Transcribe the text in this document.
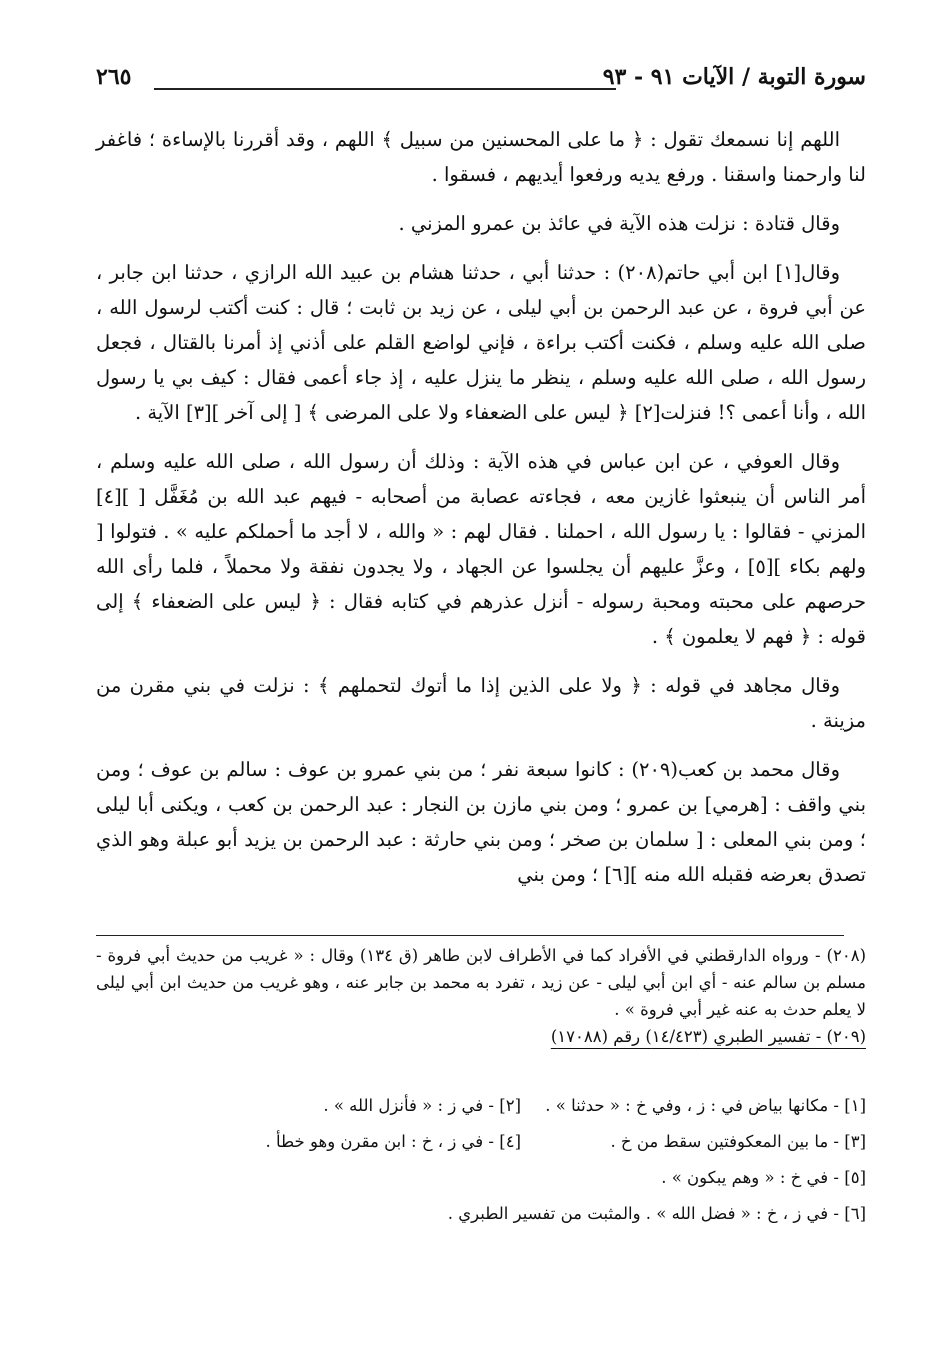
سورة التوبة / الآيات ٩١ - ٩٣
٢٦٥

اللهم إنا نسمعك تقول : ﴿ ما على المحسنين من سبيل ﴾ اللهم ، وقد أقررنا بالإساءة ؛ فاغفر لنا وارحمنا واسقنا . ورفع يديه ورفعوا أيديهم ، فسقوا .

وقال قتادة : نزلت هذه الآية في عائذ بن عمرو المزني .

وقال[١] ابن أبي حاتم(٢٠٨) : حدثنا أبي ، حدثنا هشام بن عبيد الله الرازي ، حدثنا ابن جابر ، عن أبي فروة ، عن عبد الرحمن بن أبي ليلى ، عن زيد بن ثابت ؛ قال : كنت أكتب لرسول الله ، صلى الله عليه وسلم ، فكنت أكتب براءة ، فإني لواضع القلم على أذني إذ أمرنا بالقتال ، فجعل رسول الله ، صلى الله عليه وسلم ، ينظر ما ينزل عليه ، إذ جاء أعمى فقال : كيف بي يا رسول الله ، وأنا أعمى ؟! فنزلت[٢] ﴿ ليس على الضعفاء ولا على المرضى ﴾ [ إلى آخر ][٣] الآية .

وقال العوفي ، عن ابن عباس في هذه الآية : وذلك أن رسول الله ، صلى الله عليه وسلم ، أمر الناس أن ينبعثوا غازين معه ، فجاءته عصابة من أصحابه - فيهم عبد الله بن مُغَفَّل [ ][٤] المزني - فقالوا : يا رسول الله ، احملنا . فقال لهم : « والله ، لا أجد ما أحملكم عليه » . فتولوا [ ولهم بكاء ][٥] ، وعزَّ عليهم أن يجلسوا عن الجهاد ، ولا يجدون نفقة ولا محملاً ، فلما رأى الله حرصهم على محبته ومحبة رسوله - أنزل عذرهم في كتابه فقال : ﴿ ليس على الضعفاء ﴾ إلى قوله : ﴿ فهم لا يعلمون ﴾ .

وقال مجاهد في قوله : ﴿ ولا على الذين إذا ما أتوك لتحملهم ﴾ : نزلت في بني مقرن من مزينة .

وقال محمد بن كعب(٢٠٩) : كانوا سبعة نفر ؛ من بني عمرو بن عوف : سالم بن عوف ؛ ومن بني واقف : [هرمي] بن عمرو ؛ ومن بني مازن بن النجار : عبد الرحمن بن كعب ، ويكنى أبا ليلى ؛ ومن بني المعلى : [ سلمان بن صخر ؛ ومن بني حارثة : عبد الرحمن بن يزيد أبو عبلة وهو الذي تصدق بعرضه فقبله الله منه ][٦] ؛ ومن بني

(٢٠٨) - ورواه الدارقطني في الأفراد كما في الأطراف لابن طاهر (ق ١٣٤) وقال : « غريب من حديث أبي فروة - مسلم بن سالم عنه - أي ابن أبي ليلى - عن زيد ، تفرد به محمد بن جابر عنه ، وهو غريب من حديث ابن أبي ليلى لا يعلم حدث به عنه غير أبي فروة » .

(٢٠٩) - تفسير الطبري (١٤/٤٢٣) رقم (١٧٠٨٨)

[١] - مكانها بياض في : ز ، وفي خ : « حدثنا » .
[٢] - في ز : « فأنزل الله » .
[٣] - ما بين المعكوفتين سقط من خ .
[٤] - في ز ، خ : ابن مقرن وهو خطأ .
[٥] - في خ : « وهم يبكون » .
[٦] - في ز ، خ : « فضل الله » . والمثبت من تفسير الطبري .
